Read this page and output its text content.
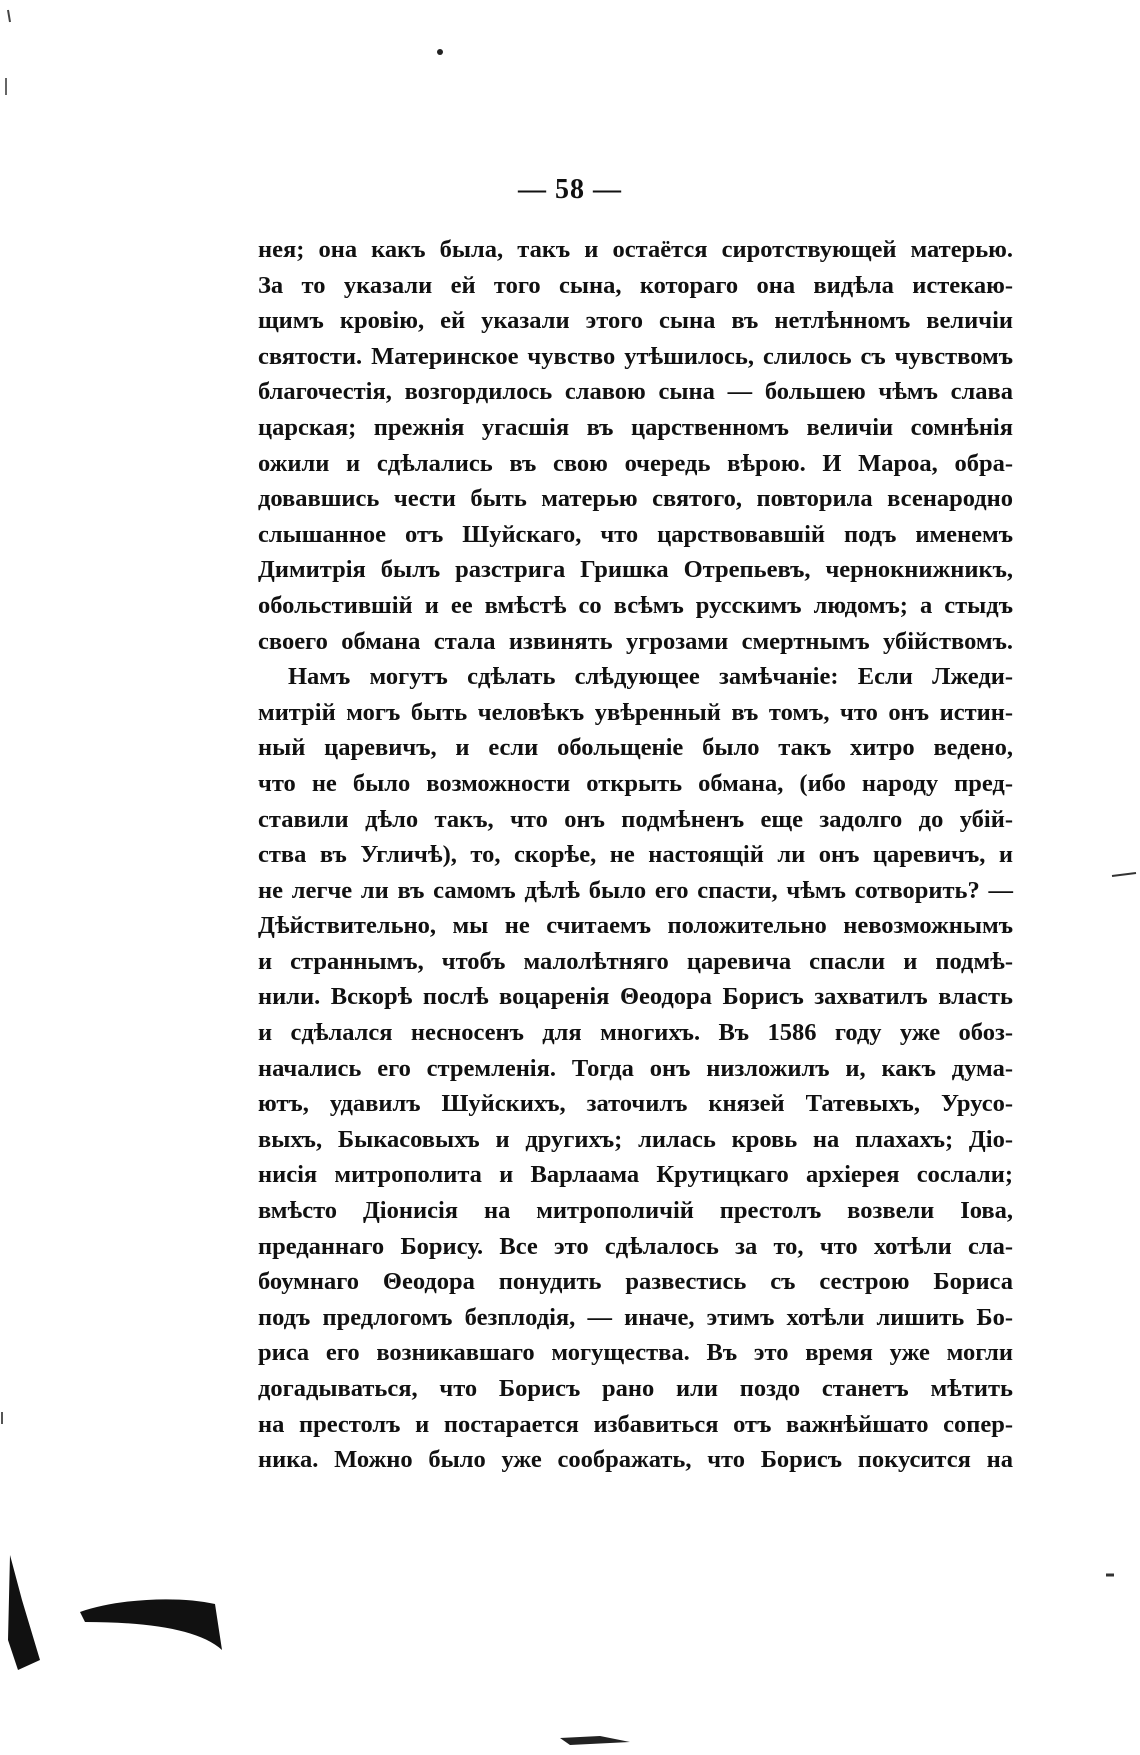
— 58 —
нея; она какъ была, такъ и остаётся сиротствующей матерью.
За то указали ей того сына, котораго она видѣла истекаю-
щимъ кровію, ей указали этого сына въ нетлѣнномъ величіи
святости. Материнское чувство утѣшилось, слилось съ чувствомъ
благочестія, возгордилось славою сына — большею чѣмъ слава
царская; прежнія угасшія въ царственномъ величіи сомнѣнія
ожили и сдѣлались въ свою очередь вѣрою. И Мароа, обра-
довавшись чести быть матерью святого, повторила всенародно
слышанное отъ Шуйскаго, что царствовавшій подъ именемъ
Димитрія былъ разстрига Гришка Отрепьевъ, чернокнижникъ,
обольстившій и ее вмѣстѣ со всѣмъ русскимъ людомъ; а стыдъ
своего обмана стала извинять угрозами смертнымъ убійствомъ.
Намъ могутъ сдѣлать слѣдующее замѣчаніе: Если Лжеди-
митрій могъ быть человѣкъ увѣренный въ томъ, что онъ истин-
ный царевичъ, и если обольщеніе было такъ хитро ведено,
что не было возможности открыть обмана, (ибо народу пред-
ставили дѣло такъ, что онъ подмѣненъ еще задолго до убій-
ства въ Угличѣ), то, скорѣе, не настоящій ли онъ царевичъ, и
не легче ли въ самомъ дѣлѣ было его спасти, чѣмъ сотворить? —
Дѣйствительно, мы не считаемъ положительно невозможнымъ
и страннымъ, чтобъ малолѣтняго царевича спасли и подмѣ-
нили. Вскорѣ послѣ воцаренія Θеодора Борисъ захватилъ власть
и сдѣлался несносенъ для многихъ. Въ 1586 году уже обоз-
начались его стремленія. Тогда онъ низложилъ и, какъ дума-
ютъ, удавилъ Шуйскихъ, заточилъ князей Татевыхъ, Урусо-
выхъ, Быкасовыхъ и другихъ; лилась кровь на плахахъ; Діо-
нисія митрополита и Варлаама Крутицкаго архіерея сослали;
вмѣсто Діонисія на митрополичій престолъ возвели Іова,
преданнаго Борису. Все это сдѣлалось за то, что хотѣли сла-
боумнаго Θеодора понудить развестись съ сестрою Бориса
подъ предлогомъ безплодія, — иначе, этимъ хотѣли лишить Бо-
риса его возникавшаго могущества. Въ это время уже могли
догадываться, что Борисъ рано или поздо станетъ мѣтить
на престолъ и постарается избавиться отъ важнѣйшато сопер-
ника. Можно было уже соображать, что Борисъ покусится на
